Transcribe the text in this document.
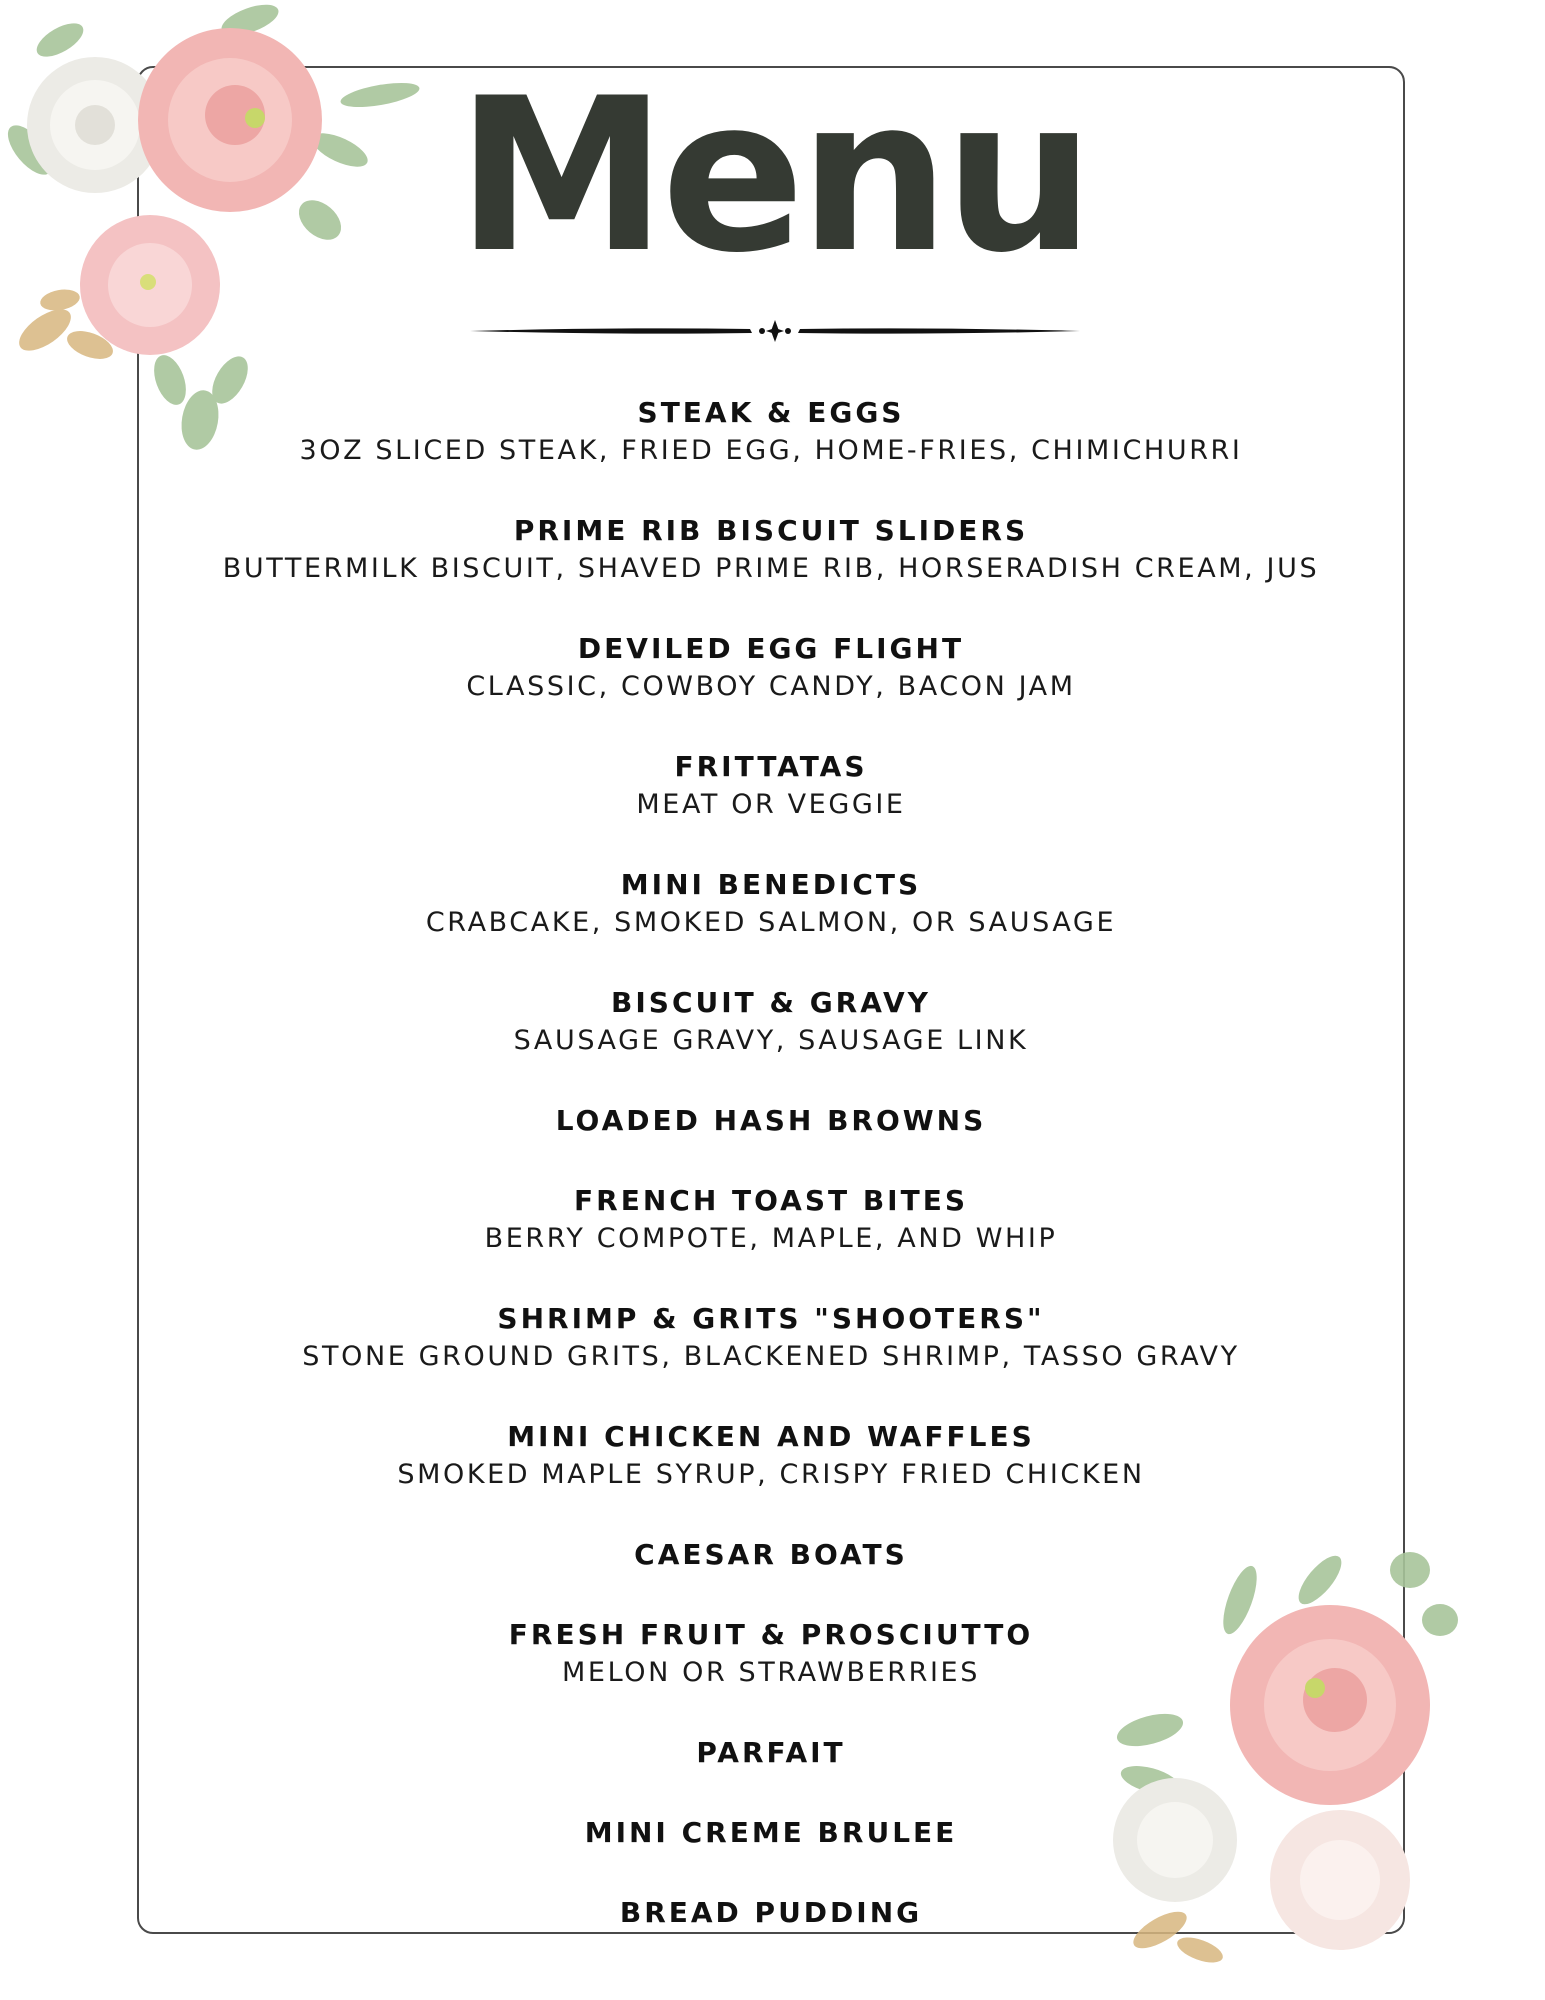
Menu
STEAK & EGGS
3OZ SLICED STEAK, FRIED EGG, HOME-FRIES, CHIMICHURRI
PRIME RIB BISCUIT SLIDERS
BUTTERMILK BISCUIT, SHAVED PRIME RIB, HORSERADISH CREAM, JUS
DEVILED EGG FLIGHT
CLASSIC, COWBOY CANDY, BACON JAM
FRITTATAS
MEAT OR VEGGIE
MINI BENEDICTS
CRABCAKE, SMOKED SALMON, OR SAUSAGE
BISCUIT & GRAVY
SAUSAGE GRAVY, SAUSAGE LINK
LOADED HASH BROWNS
FRENCH TOAST BITES
BERRY COMPOTE, MAPLE, AND WHIP
SHRIMP & GRITS "SHOOTERS"
STONE GROUND GRITS, BLACKENED SHRIMP, TASSO GRAVY
MINI CHICKEN AND WAFFLES
SMOKED MAPLE SYRUP, CRISPY FRIED CHICKEN
CAESAR BOATS
FRESH FRUIT & PROSCIUTTO
MELON OR STRAWBERRIES
PARFAIT
MINI CREME BRULEE
BREAD PUDDING
